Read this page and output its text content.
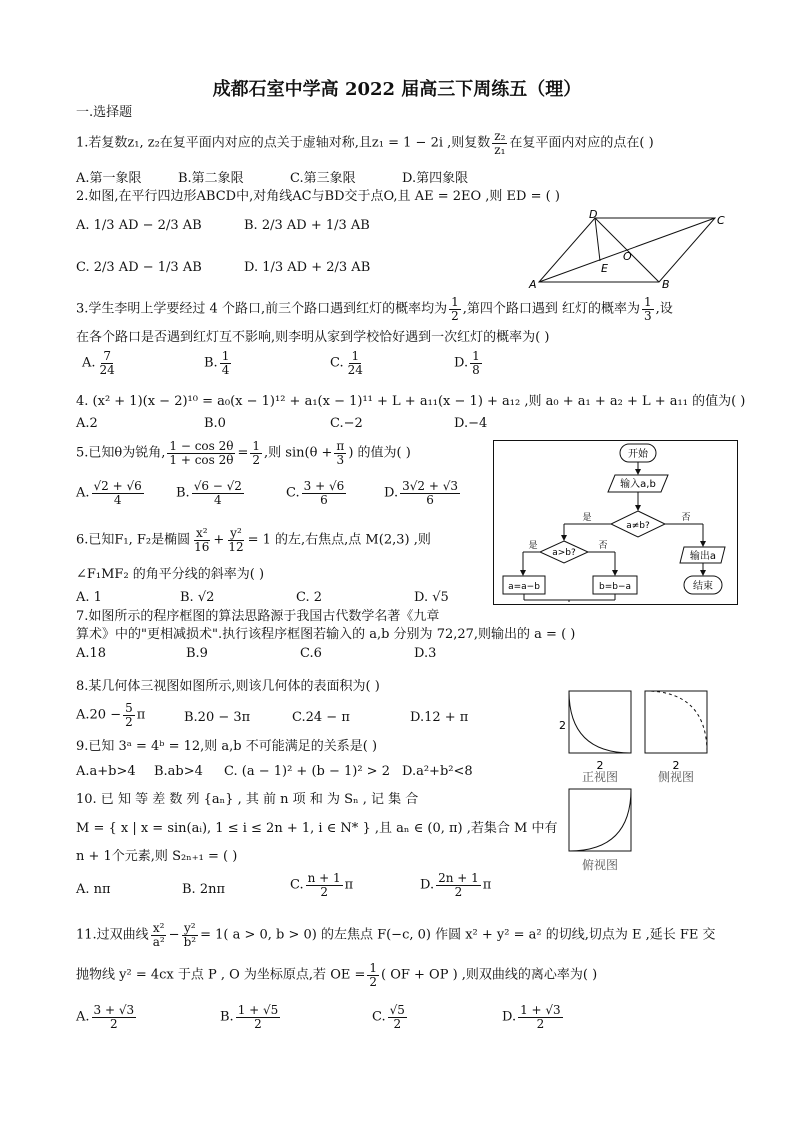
成都石室中学高 2022 届高三下周练五（理）
一.选择题
1.若复数z₁, z₂在复平面内对应的点关于虚轴对称,且z₁ = 1 − 2i ,则复数 $\frac{\text{z₂}}{\text{z₁}}$ 在复平面内对应的点在( )
A.第一象限	B.第二象限	C.第三象限	D.第四象限
2.如图,在平行四边形ABCD中,对角线AC与BD交于点O,且 AE = 2EO ,则 ED = ( )
A. 1/3 AD − 2/3 AB	B. 2/3 AD + 1/3 AB
C. 2/3 AD − 1/3 AB	D. 1/3 AD + 2/3 AB
D	C
A	B
E
O
3.学生李明上学要经过 4 个路口,前三个路口遇到红灯的概率均为 $\frac{1}{2}$ ,第四个路口遇到 红灯的概率为 $\frac{1}{3}$ ,设
在各个路口是否遇到红灯互不影响,则李明从家到学校恰好遇到一次红灯的概率为( )
A. $\frac{7}{24}$	B. $\frac{1}{4}$	C. $\frac{1}{24}$	D. $\frac{1}{8}$
4. (x² + 1)(x − 2)¹⁰ = a₀(x − 1)¹² + a₁(x − 1)¹¹ + L + a₁₁(x − 1) + a₁₂ ,则 a₀ + a₁ + a₂ + L + a₁₁ 的值为( )
A.2	B.0	C.−2	D.−4
5.已知θ为锐角, $\frac{1 - \cos 2\theta}{1 + \cos 2\theta} = \frac{1}{2}$ ,则 $\sin(\theta + \frac{\pi}{3}$ ) 的值为( )
A. $\frac{√2 + √6}{4} B$. $\frac{√6 - √2}{4}$	C. $\frac{3 + √6}{6}$	D. $\frac{3√2 + √3}{6}$
6.已知F₁, F₂是椭圆 $\frac{\text{x²}}{16} + \frac{\text{y²}}{12} = 1$ 的左,右焦点,点 M(2,3) ,则
∠F₁MF₂ 的角平分线的斜率为( )
A. 1	B. √2	C. 2	D. √5
开始
输入a,b
a≠b?
是	否
a>b?
是	否
a=a−b	b=b−a
输出a
结束
7.如图所示的程序框图的算法思路源于我国古代数学名著《九章
算术》中的"更相减损术".执行该程序框图若输入的 a,b 分别为 72,27,则输出的 a = ( )
A.18	B.9	C.6	D.3
8.某几何体三视图如图所示,则该几何体的表面积为( )
$A.20 - \frac{5}{2}$ π	B.20 − 3π	C.24 − π	D.12 + π
2
2
正视图
2
侧视图
俯视图
9.已知 3ᵃ = 4ᵇ = 12,则 a,b 不可能满足的关系是( )
A.a+b>4 B.ab>4 C. (a − 1)² + (b − 1)² > 2 D.a²+b²<8
10. 已 知 等 差 数 列 {aₙ} , 其 前 n 项 和 为 Sₙ , 记 集 合
M = { x | x = sin(aᵢ), 1 ≤ i ≤ 2n + 1, i ∈ N* } ,且 aₙ ∈ (0, π) ,若集合 M 中有
n + 1个元素,则 S₂ₙ₊₁ = ( )
A. nπ	B. 2nπ	C. $\frac{n + 1}{2}$ π	D. $\frac{2n + 1}{2}$ π
11.过双曲线 $\frac{\text{x²}}{\text{a²}} - \frac{\text{y²}}{\text{b²}} = 1$( a > 0, b > 0) 的左焦点 F(−c, 0) 作圆 x² + y² = a² 的切线,切点为 E ,延长 FE 交
抛物线 y² = 4cx 于点 P , O 为坐标原点,若 OE = $\frac{1}{2}$ ( OF + OP ) ,则双曲线的离心率为( )
A. $\frac{3 + √3}{2}$	B. $\frac{1 + √5}{2}$	C. $\frac{√5}{2}$	D. $\frac{1 + √3}{2}$
